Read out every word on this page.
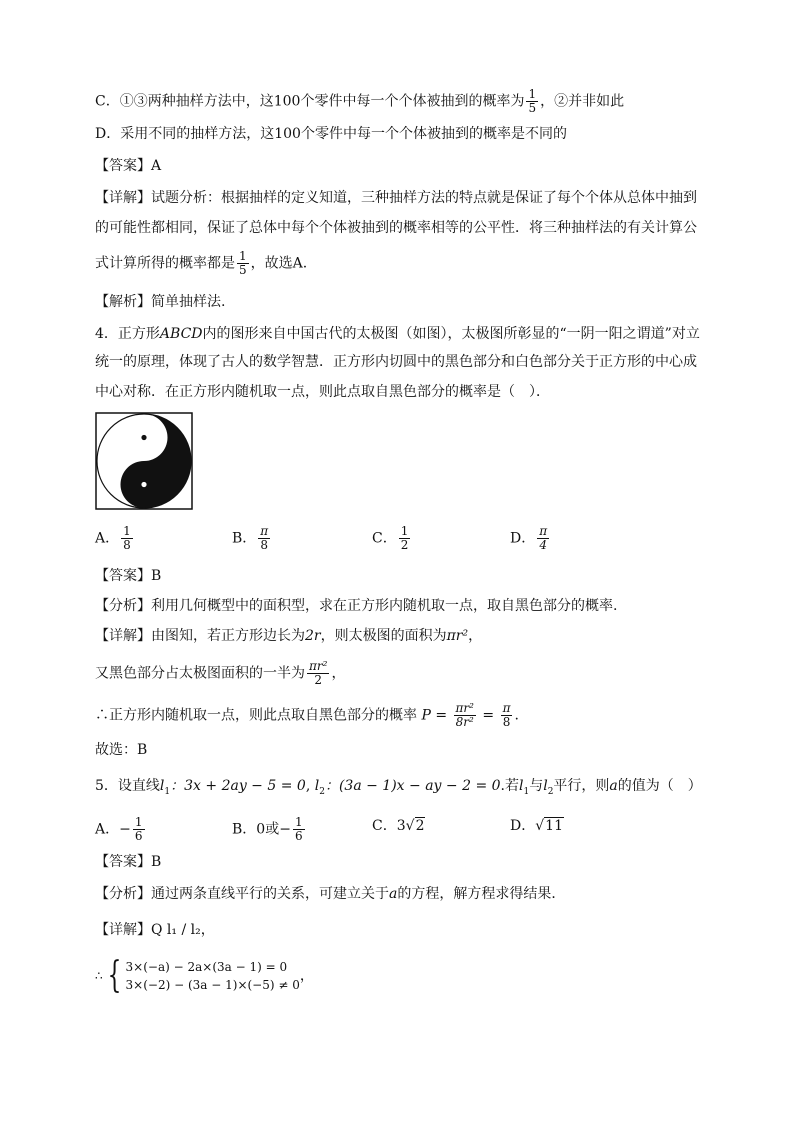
C．①③两种抽样方法中，这100个零件中每一个个体被抽到的概率为 $\frac{1}{5}$ ，②并非如此
D．采用不同的抽样方法，这100个零件中每一个个体被抽到的概率是不同的
【答案】A
【详解】试题分析：根据抽样的定义知道，三种抽样方法的特点就是保证了每个个体从总体中抽到
的可能性都相同，保证了总体中每个个体被抽到的概率相等的公平性．将三种抽样法的有关计算公
式计算所得的概率都是 $\frac{1}{5}$ ，故选A.
【解析】简单抽样法.
4．正方形ABCD内的图形来自中国古代的太极图（如图），太极图所彰显的“一阴一阳之谓道”对立
统一的原理，体现了古人的数学智慧．正方形内切圆中的黑色部分和白色部分关于正方形的中心成
中心对称．在正方形内随机取一点，则此点取自黑色部分的概率是（　）．
A． $\frac{1}{8}$	B． $\frac{\pi}{8}$	C． $\frac{1}{2}$	D． $\frac{\pi}{4}$
【答案】B
【分析】利用几何概型中的面积型，求在正方形内随机取一点，取自黑色部分的概率.
【详解】由图知，若正方形边长为2r，则太极图的面积为πr²，
又黑色部分占太极图面积的一半为 $\frac{\text{πr²}}{2}$ ，
∴正方形内随机取一点，则此点取自黑色部分的概率 $P = \frac{\text{πr²}}{\text{8r²}} = \frac{\pi}{8}$ .
故选：B
5．设直线$l_1$：3x + 2ay − 5 = 0, $l_2$：(3a − 1)x − ay − 2 = 0.若$l_1$与$l_2$平行，则a的值为（　）
A．− $\frac{1}{6}$	B．0或− $\frac{1}{6}$	C．3√2	D．√11
【答案】B
【分析】通过两条直线平行的关系，可建立关于a的方程，解方程求得结果．
【详解】Q l₁ / l₂，
∴ { 3×(−a) − 2a×(3a − 1) = 0
3×(−2) − (3a − 1)×(−5) ≠ 0
，
